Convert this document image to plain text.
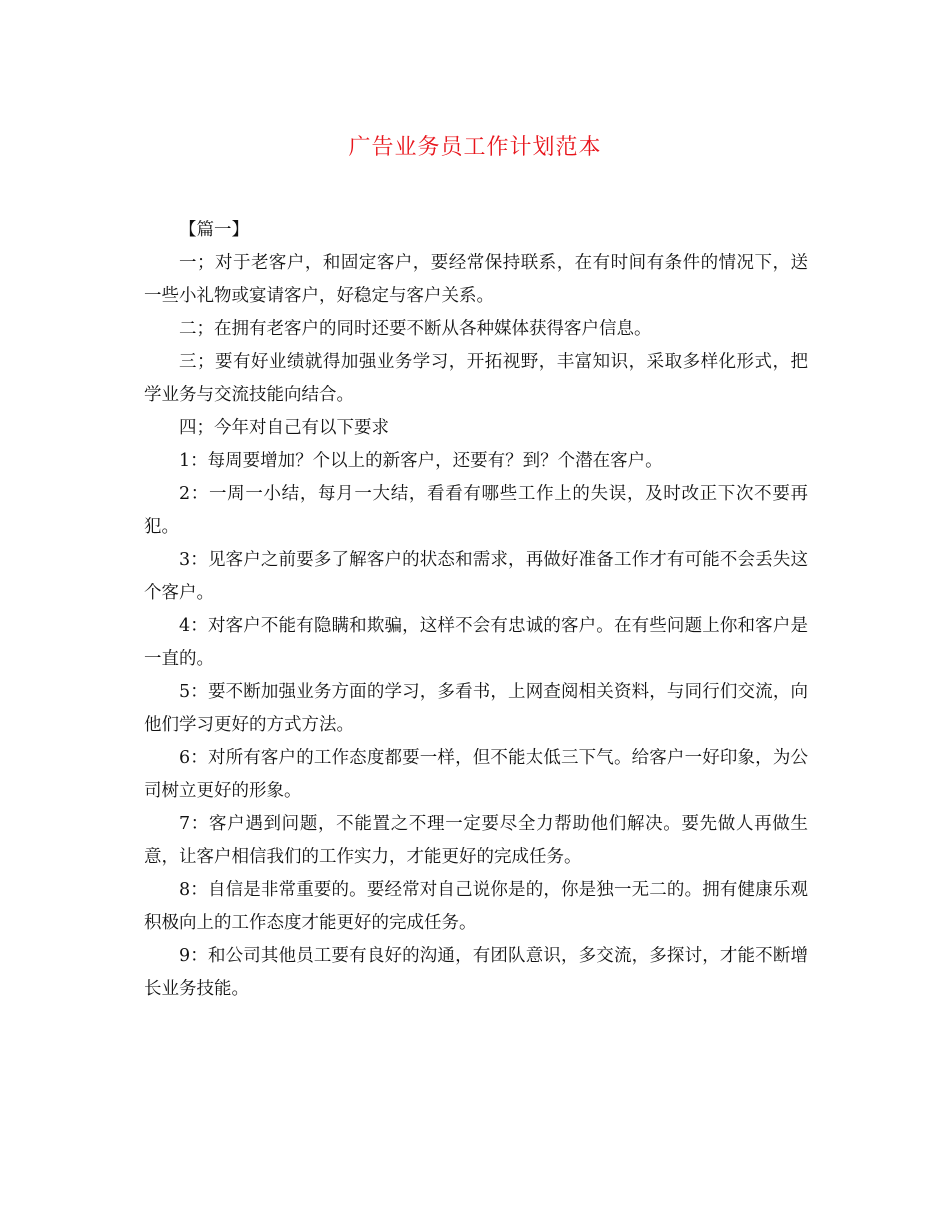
广告业务员工作计划范本

【篇一】

一；对于老客户，和固定客户，要经常保持联系，在有时间有条件的情况下，送一些小礼物或宴请客户，好稳定与客户关系。

二；在拥有老客户的同时还要不断从各种媒体获得客户信息。

三；要有好业绩就得加强业务学习，开拓视野，丰富知识，采取多样化形式，把学业务与交流技能向结合。

四；今年对自己有以下要求

1：每周要增加？个以上的新客户，还要有？到？个潜在客户。

2：一周一小结，每月一大结，看看有哪些工作上的失误，及时改正下次不要再犯。

3：见客户之前要多了解客户的状态和需求，再做好准备工作才有可能不会丢失这个客户。

4：对客户不能有隐瞒和欺骗，这样不会有忠诚的客户。在有些问题上你和客户是一直的。

5：要不断加强业务方面的学习，多看书，上网查阅相关资料，与同行们交流，向他们学习更好的方式方法。

6：对所有客户的工作态度都要一样，但不能太低三下气。给客户一好印象，为公司树立更好的形象。

7：客户遇到问题，不能置之不理一定要尽全力帮助他们解决。要先做人再做生意，让客户相信我们的工作实力，才能更好的完成任务。

8：自信是非常重要的。要经常对自己说你是的，你是独一无二的。拥有健康乐观积极向上的工作态度才能更好的完成任务。

9：和公司其他员工要有良好的沟通，有团队意识，多交流，多探讨，才能不断增长业务技能。
